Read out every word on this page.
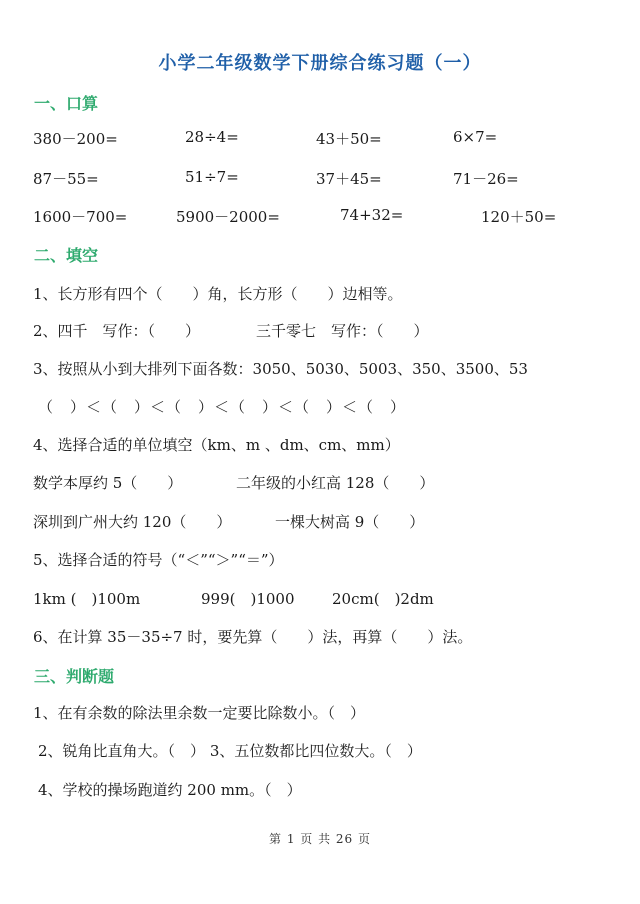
小学二年级数学下册综合练习题（一）
一、口算
380－200=	28÷4=	43＋50=	6×7=
87－55=	51÷7=	37＋45=	71－26=
1600－700=	5900－2000=	74+32=	120＋50=
二、填空
1、长方形有四个（　　）角，长方形（　　）边相等。
2、四千　写作：（　　）	三千零七　写作：（　　）
3、按照从小到大排列下面各数：3050、5030、5003、350、3500、53
（　）＜（　）＜（　）＜（　）＜（　）＜（　）
4、选择合适的单位填空（km、m 、dm、cm、mm）
数学本厚约 5（　　）	二年级的小红高 128（　　）
深圳到广州大约 120（　　）	一棵大树高 9（　　）
5、选择合适的符号（“＜”“＞”“＝”）
1km (　)100m	999(　)1000 20cm(　)2dm
6、在计算 35－35÷7 时，要先算（　　）法，再算（　　）法。
三、判断题
1、在有余数的除法里余数一定要比除数小。（　）
2、锐角比直角大。（　） 3、五位数都比四位数大。（　）
4、学校的操场跑道约 200 mm。（　）
第 1 页 共 26 页
